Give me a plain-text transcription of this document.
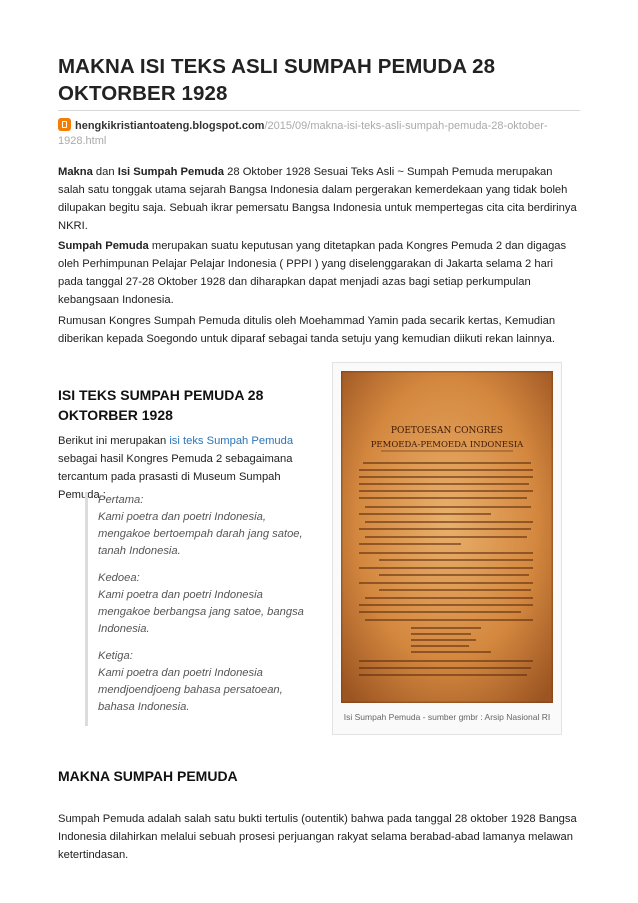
MAKNA ISI TEKS ASLI SUMPAH PEMUDA 28 OKTORBER 1928
hengkikristiantoateng.blogspot.com/2015/09/makna-isi-teks-asli-sumpah-pemuda-28-oktober-1928.html

Makna dan Isi Sumpah Pemuda 28 Oktober 1928 Sesuai Teks Asli ~ Sumpah Pemuda merupakan salah satu tonggak utama sejarah Bangsa Indonesia dalam pergerakan kemerdekaan yang tidak boleh dilupakan begitu saja. Sebuah ikrar pemersatu Bangsa Indonesia untuk mempertegas cita cita berdirinya NKRI.

Sumpah Pemuda merupakan suatu keputusan yang ditetapkan pada Kongres Pemuda 2 dan digagas oleh Perhimpunan Pelajar Pelajar Indonesia ( PPPI ) yang diselenggarakan di Jakarta selama 2 hari pada tanggal 27-28 Oktober 1928 dan diharapkan dapat menjadi azas bagi setiap perkumpulan kebangsaan Indonesia.

Rumusan Kongres Sumpah Pemuda ditulis oleh Moehammad Yamin pada secarik kertas, Kemudian diberikan kepada Soegondo untuk diparaf sebagai tanda setuju yang kemudian diikuti rekan lainnya.

ISI TEKS SUMPAH PEMUDA 28 OKTORBER 1928

Berikut ini merupakan isi teks Sumpah Pemuda sebagai hasil Kongres Pemuda 2 sebagaimana tercantum pada prasasti di Museum Sumpah Pemuda :

Pertama:
Kami poetra dan poetri Indonesia, mengakoe bertoempah darah jang satoe, tanah Indonesia.
Kedoea:
Kami poetra dan poetri Indonesia mengakoe berbangsa jang satoe, bangsa Indonesia.
Ketiga:
Kami poetra dan poetri Indonesia mendjoendjoeng bahasa persatoean, bahasa Indonesia.
POETOESAN CONGRES
PEMOEDA-PEMOEDA INDONESIA
Isi Sumpah Pemuda - sumber gmbr : Arsip Nasional RI
MAKNA SUMPAH PEMUDA

Sumpah Pemuda adalah salah satu bukti tertulis (outentik) bahwa pada tanggal 28 oktober 1928 Bangsa Indonesia dilahirkan melalui sebuah prosesi perjuangan rakyat selama berabad-abad lamanya melawan ketertindasan.
